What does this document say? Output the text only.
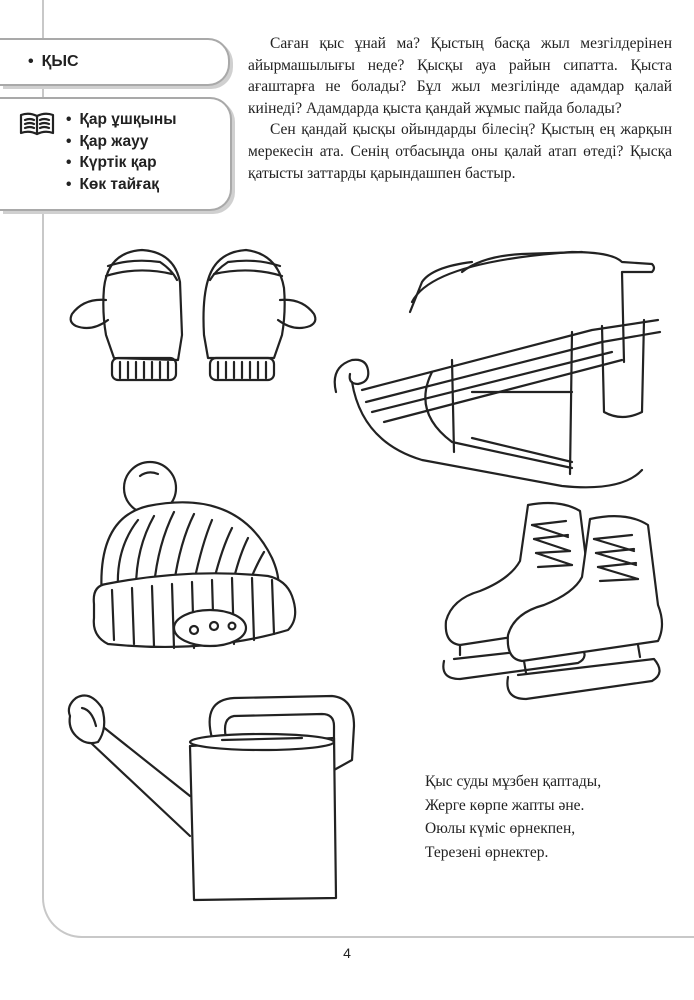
• ҚЫС
• Қар ұшқыны
• Қар жауу
• Күртік қар
• Көк тайғақ

Саған қыс ұнай ма? Қыстың басқа жыл мезгілдерінен айырмашылығы неде? Қысқы ауа райын сипатта. Қыста ағаштарға не болады? Бұл жыл мезгілінде адамдар қалай киінеді? Адамдарда қыста қандай жұмыс пайда болады?

Сен қандай қысқы ойындарды білесің? Қыстың ең жарқын мерекесін ата. Сенің отбасыңда оны қалай атап өтеді? Қысқа қатысты заттарды қарындашпен бастыр.

Қыс суды мұзбен қаптады,
Жерге көрпе жапты әне.
Оюлы күміс өрнекпен,
Терезені өрнектер.
4
